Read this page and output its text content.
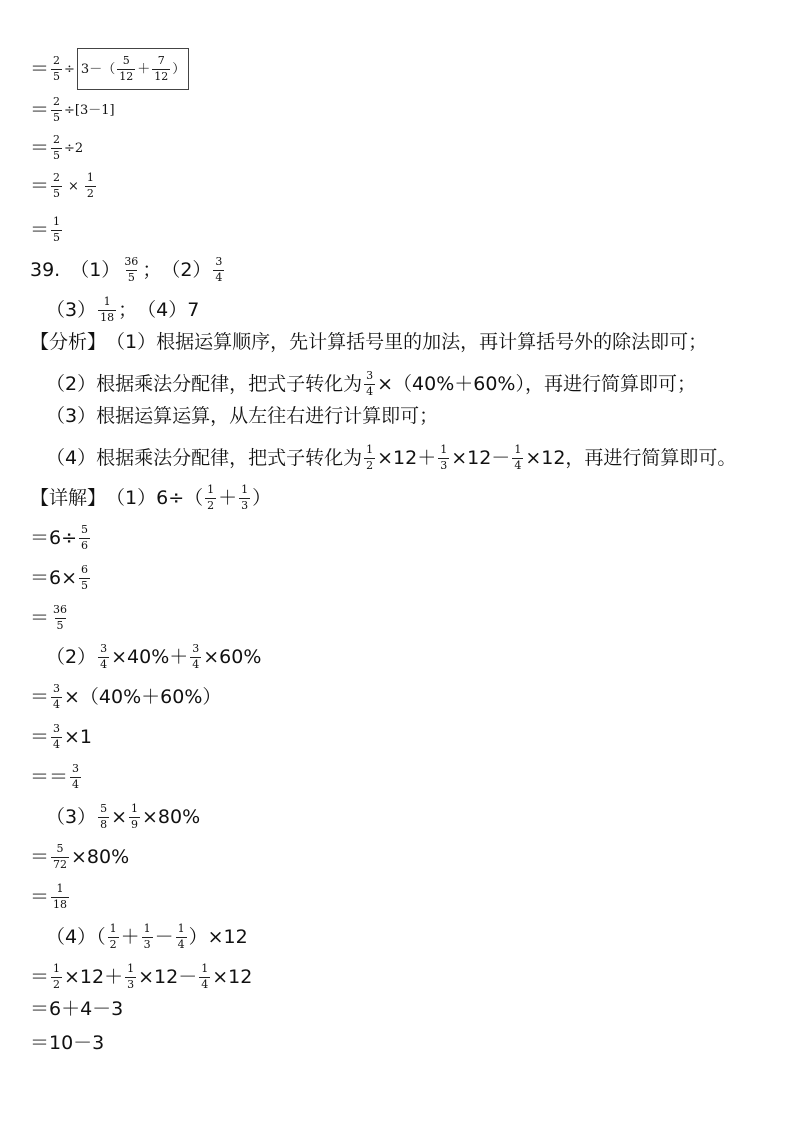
＝ $\frac{2}{5} \div 3-( \frac{5}{12} + \frac{7}{12}$ ）
＝ $\frac{2}{5} \div[3-1]$
＝ $\frac{2}{5} \div 2$
＝ $\frac{2}{5} \times \frac{1}{2}$
＝ $\frac{1}{5}$
39. $(1) \frac{36}{5}$ ； $(2) \frac{3}{4}$
$(3) \frac{1}{18}$ ； （4） 7
【分析】 （1）根据运算顺序，先计算括号里的加法，再计算括号外的除法即可；
（2）根据乘法分配律，把式子转化为 $\frac{3}{4} \times(40\%+60\%)$，再进行简算即可；
（3）根据运算运算，从左往右进行计算即可；
（4）根据乘法分配律，把式子转化为 $\frac{1}{2} \times 12+ \frac{1}{3} \times 12- \frac{1}{4} \times 12$，再进行简算即可。
【详解】 $(1)6\div( \frac{1}{2} + \frac{1}{3}$ ）
$=6\div \frac{5}{6}$
$=6\times \frac{6}{5}$
＝ $\frac{36}{5}$
$(2) \frac{3}{4} \times 40\%+ \frac{3}{4} \times 60\%$
＝ $\frac{3}{4} \times(40\%+60\%)$
＝ $\frac{3}{4} \times 1$
＝＝ $\frac{3}{4}$
$(3) \frac{5}{8} \times \frac{1}{9} \times 80\%$
＝ $\frac{5}{72} \times 80\%$
＝ $\frac{1}{18}$
$(4)( \frac{1}{2} + \frac{1}{3} - \frac{1}{4} )\times 12$
＝ $\frac{1}{2} \times 12+ \frac{1}{3} \times 12- \frac{1}{4} \times 12$
＝6＋4－3
＝10－3
